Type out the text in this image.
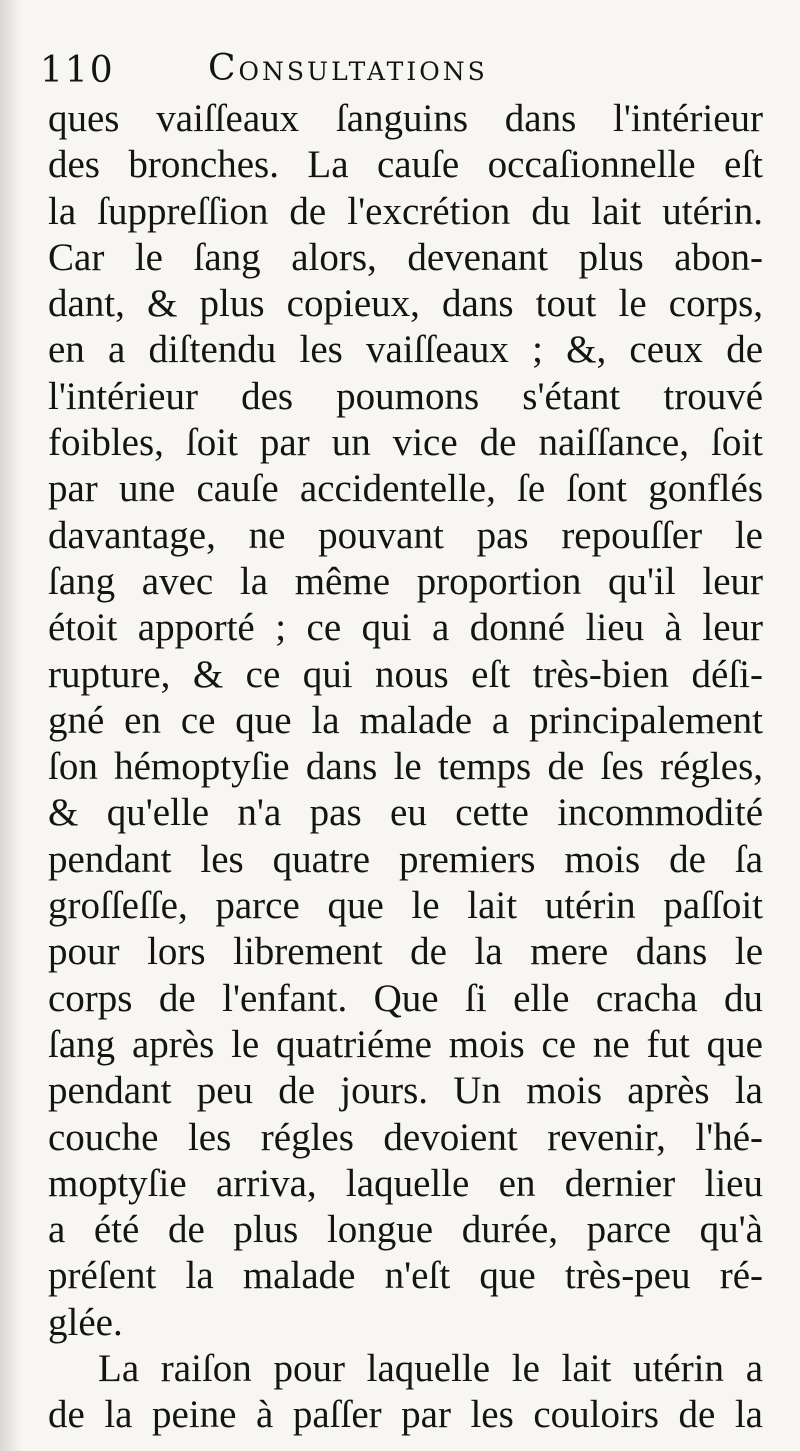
110	Consultations
ques vaiſſeaux ſanguins dans l'intérieur
des bronches. La cauſe occaſionnelle eſt
la ſuppreſſion de l'excrétion du lait utérin.
Car le ſang alors, devenant plus abon-
dant, & plus copieux, dans tout le corps,
en a diſtendu les vaiſſeaux ; &, ceux de
l'intérieur des poumons s'étant trouvé
foibles, ſoit par un vice de naiſſance, ſoit
par une cauſe accidentelle, ſe ſont gonflés
davantage, ne pouvant pas repouſſer le
ſang avec la même proportion qu'il leur
étoit apporté ; ce qui a donné lieu à leur
rupture, & ce qui nous eſt très-bien déſi-
gné en ce que la malade a principalement
ſon hémoptyſie dans le temps de ſes régles,
& qu'elle n'a pas eu cette incommodité
pendant les quatre premiers mois de ſa
groſſeſſe, parce que le lait utérin paſſoit
pour lors librement de la mere dans le
corps de l'enfant. Que ſi elle cracha du
ſang après le quatriéme mois ce ne fut que
pendant peu de jours. Un mois après la
couche les régles devoient revenir, l'hé-
moptyſie arriva, laquelle en dernier lieu
a été de plus longue durée, parce qu'à
préſent la malade n'eſt que très-peu ré-
glée.
La raiſon pour laquelle le lait utérin a
de la peine à paſſer par les couloirs de la
